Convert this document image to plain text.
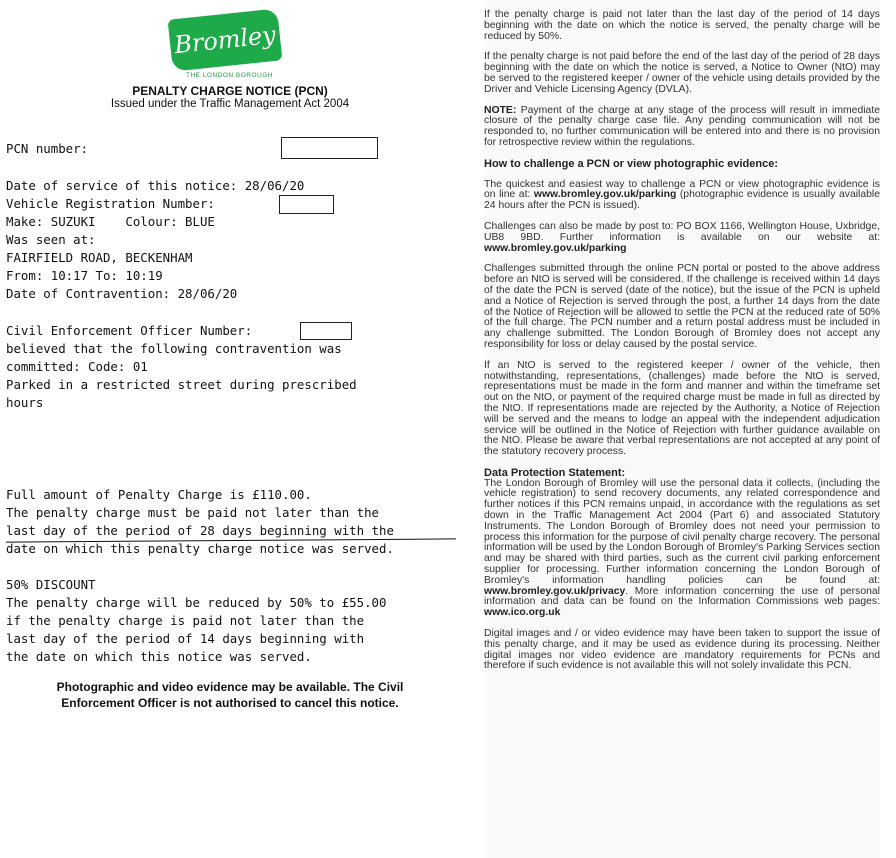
Bromley
THE LONDON BOROUGH
PENALTY CHARGE NOTICE (PCN)
Issued under the Traffic Management Act 2004
PCN number:
Date of service of this notice: 28/06/20
Vehicle Registration Number:
Make: SUZUKI    Colour: BLUE
Was seen at:
FAIRFIELD ROAD, BECKENHAM
From: 10:17 To: 10:19
Date of Contravention: 28/06/20
Civil Enforcement Officer Number:
believed that the following contravention was
committed: Code: 01
Parked in a restricted street during prescribed
hours
Full amount of Penalty Charge is £110.00.
The penalty charge must be paid not later than the
last day of the period of 28 days beginning with the
date on which this penalty charge notice was served.
50% DISCOUNT
The penalty charge will be reduced by 50% to £55.00
if the penalty charge is paid not later than the
last day of the period of 14 days beginning with
the date on which this notice was served.
Photographic and video evidence may be available. The Civil
Enforcement Officer is not authorised to cancel this notice.

If the penalty charge is paid not later than the last day of the period of 14 days beginning with the date on which the notice is served, the penalty charge will be reduced by 50%.

If the penalty charge is not paid before the end of the last day of the period of 28 days beginning with the date on which the notice is served, a Notice to Owner (NtO) may be served to the registered keeper / owner of the vehicle using details provided by the Driver and Vehicle Licensing Agency (DVLA).

NOTE: Payment of the charge at any stage of the process will result in immediate closure of the penalty charge case file. Any pending communication will not be responded to, no further communication will be entered into and there is no provision for retrospective review within the regulations.

How to challenge a PCN or view photographic evidence:

The quickest and easiest way to challenge a PCN or view photographic evidence is on line at: www.bromley.gov.uk/parking (photographic evidence is usually available 24 hours after the PCN is issued).

Challenges can also be made by post to: PO BOX 1166, Wellington House, Uxbridge, UB8 9BD. Further information is available on our website at: www.bromley.gov.uk/parking

Challenges submitted through the online PCN portal or posted to the above address before an NtO is served will be considered. If the challenge is received within 14 days of the date the PCN is served (date of the notice), but the issue of the PCN is upheld and a Notice of Rejection is served through the post, a further 14 days from the date of the Notice of Rejection will be allowed to settle the PCN at the reduced rate of 50% of the full charge. The PCN number and a return postal address must be included in any challenge submitted. The London Borough of Bromley does not accept any responsibility for loss or delay caused by the postal service.

If an NtO is served to the registered keeper / owner of the vehicle, then notwithstanding, representations, (challenges) made before the NtO is served, representations must be made in the form and manner and within the timeframe set out on the NtO, or payment of the required charge must be made in full as directed by the NtO. If representations made are rejected by the Authority, a Notice of Rejection will be served and the means to lodge an appeal with the independent adjudication service will be outlined in the Notice of Rejection with further guidance available on the NtO. Please be aware that verbal representations are not accepted at any point of the statutory recovery process.

Data Protection Statement:

The London Borough of Bromley will use the personal data it collects, (including the vehicle registration) to send recovery documents, any related correspondence and further notices if this PCN remains unpaid, in accordance with the regulations as set down in the Traffic Management Act 2004 (Part 6) and associated Statutory Instruments. The London Borough of Bromley does not need your permission to process this information for the purpose of civil penalty charge recovery. The personal information will be used by the London Borough of Bromley's Parking Services section and may be shared with third parties, such as the current civil parking enforcement supplier for processing. Further information concerning the London Borough of Bromley's information handling policies can be found at: www.bromley.gov.uk/privacy. More information concerning the use of personal information and data can be found on the Information Commissions web pages: www.ico.org.uk

Digital images and / or video evidence may have been taken to support the issue of this penalty charge, and it may be used as evidence during its processing. Neither digital images nor video evidence are mandatory requirements for PCNs and therefore if such evidence is not available this will not solely invalidate this PCN.
